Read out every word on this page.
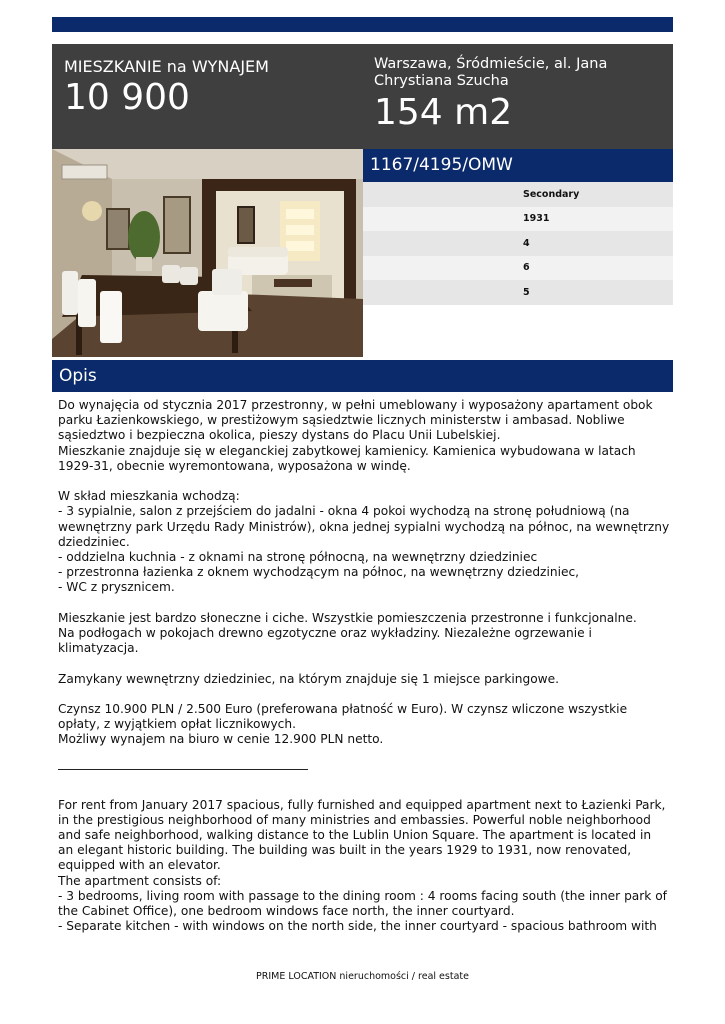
MIESZKANIE na WYNAJEM
10 900
Warszawa, Śródmieście, al. Jana Chrystiana Szucha
154 m2
1167/4195/OMW
Secondary
1931
4
6
5
Opis

Do wynajęcia od stycznia 2017 przestronny, w pełni umeblowany i wyposażony apartament obok parku Łazienkowskiego, w prestiżowym sąsiedztwie licznych ministerstw i ambasad. Nobliwe sąsiedztwo i bezpieczna okolica, pieszy dystans do Placu Unii Lubelskiej.
Mieszkanie znajduje się w eleganckiej zabytkowej kamienicy. Kamienica wybudowana w latach 1929-31, obecnie wyremontowana, wyposażona w windę.

W skład mieszkania wchodzą:
- 3 sypialnie, salon z przejściem do jadalni - okna 4 pokoi wychodzą na stronę południową (na wewnętrzny park Urzędu Rady Ministrów), okna jednej sypialni wychodzą na północ, na wewnętrzny dziedziniec.
- oddzielna kuchnia - z oknami na stronę północną, na wewnętrzny dziedziniec
- przestronna łazienka z oknem wychodzącym na północ, na wewnętrzny dziedziniec,
- WC z prysznicem.

Mieszkanie jest bardzo słoneczne i ciche. Wszystkie pomieszczenia przestronne i funkcjonalne.
Na podłogach w pokojach drewno egzotyczne oraz wykładziny. Niezależne ogrzewanie i klimatyzacja.

Zamykany wewnętrzny dziedziniec, na którym znajduje się 1 miejsce parkingowe.

Czynsz 10.900 PLN / 2.500 Euro (preferowana płatność w Euro). W czynsz wliczone wszystkie opłaty, z wyjątkiem opłat licznikowych.
Możliwy wynajem na biuro w cenie 12.900 PLN netto.

For rent from January 2017 spacious, fully furnished and equipped apartment next to Łazienki Park, in the prestigious neighborhood of many ministries and embassies. Powerful noble neighborhood and safe neighborhood, walking distance to the Lublin Union Square. The apartment is located in an elegant historic building. The building was built in the years 1929 to 1931, now renovated, equipped with an elevator.
The apartment consists of:
- 3 bedrooms, living room with passage to the dining room : 4 rooms facing south (the inner park of the Cabinet Office), one bedroom windows face north, the inner courtyard.
- Separate kitchen - with windows on the north side, the inner courtyard - spacious bathroom with

PRIME LOCATION nieruchomości / real estate
